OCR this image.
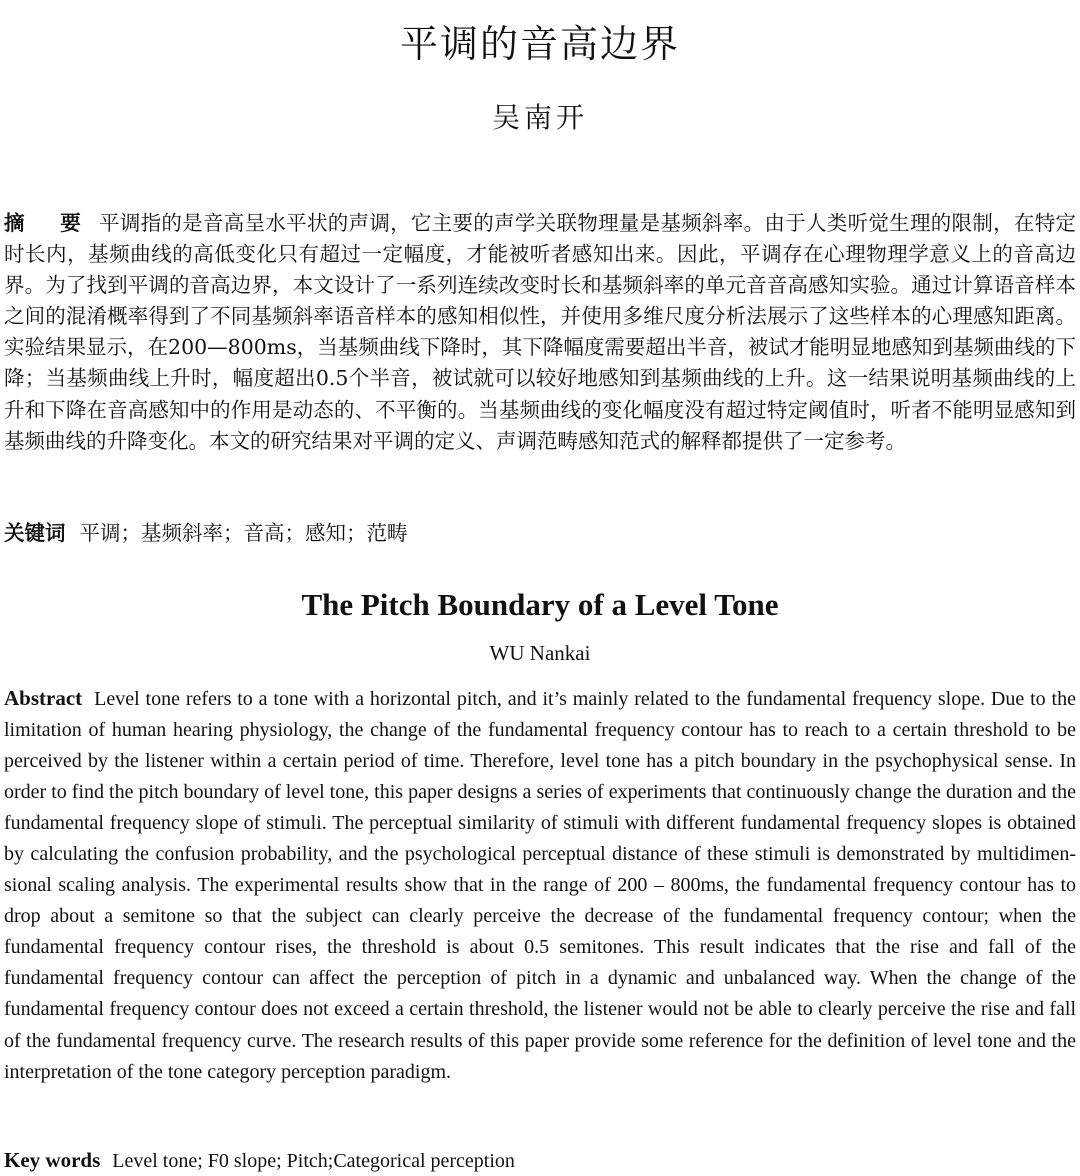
平调的音高边界
吴南开
摘 要 平调指的是音高呈水平状的声调，它主要的声学关联物理量是基频斜率。由于人类听觉生理的限制，在特定时长内，基频曲线的高低变化只有超过一定幅度，才能被听者感知出来。因此，平调存在心理物理学意义上的音高边界。为了找到平调的音高边界，本文设计了一系列连续改变时长和基频斜率的单元音音高感知实验。通过计算语音样本之间的混淆概率得到了不同基频斜率语音样本的感知相似性，并使用多维尺度分析法展示了这些样本的心理感知距离。实验结果显示，在200—800ms，当基频曲线下降时，其下降幅度需要超出半音，被试才能明显地感知到基频曲线的下降；当基频曲线上升时，幅度超出0.5个半音，被试就可以较好地感知到基频曲线的上升。这一结果说明基频曲线的上升和下降在音高感知中的作用是动态的、不平衡的。当基频曲线的变化幅度没有超过特定阈值时，听者不能明显感知到基频曲线的升降变化。本文的研究结果对平调的定义、声调范畴感知范式的解释都提供了一定参考。
关键词 平调；基频斜率；音高；感知；范畴
The Pitch Boundary of a Level Tone
WU Nankai
Abstract Level tone refers to a tone with a horizontal pitch, and it’s mainly related to the fundamental frequency slope. Due to the limitation of human hearing physiology, the change of the fundamental frequency contour has to reach to a certain threshold to be perceived by the listener within a certain period of time. Therefore, level tone has a pitch boundary in the psychophysical sense. In order to find the pitch boundary of level tone, this paper designs a series of experiments that continuously change the duration and the fundamental frequency slope of stimuli. The perceptual similarity of stimuli with different fundamental frequency slopes is obtained by calculating the confusion probability, and the psychological perceptual distance of these stimuli is demonstrated by multidimensional scaling analysis. The experimental results show that in the range of 200 – 800ms, the fundamental frequency contour has to drop about a semitone so that the subject can clearly perceive the decrease of the fundamental frequency contour; when the fundamental frequency contour rises, the threshold is about 0.5 semitones. This result indicates that the rise and fall of the fundamental frequency contour can affect the perception of pitch in a dynamic and unbalanced way. When the change of the fundamental frequency contour does not exceed a certain threshold, the listener would not be able to clearly perceive the rise and fall of the fundamental frequency curve. The research results of this paper provide some reference for the definition of level tone and the interpretation of the tone category perception paradigm.
Key words Level tone; F0 slope; Pitch;Categorical perception
